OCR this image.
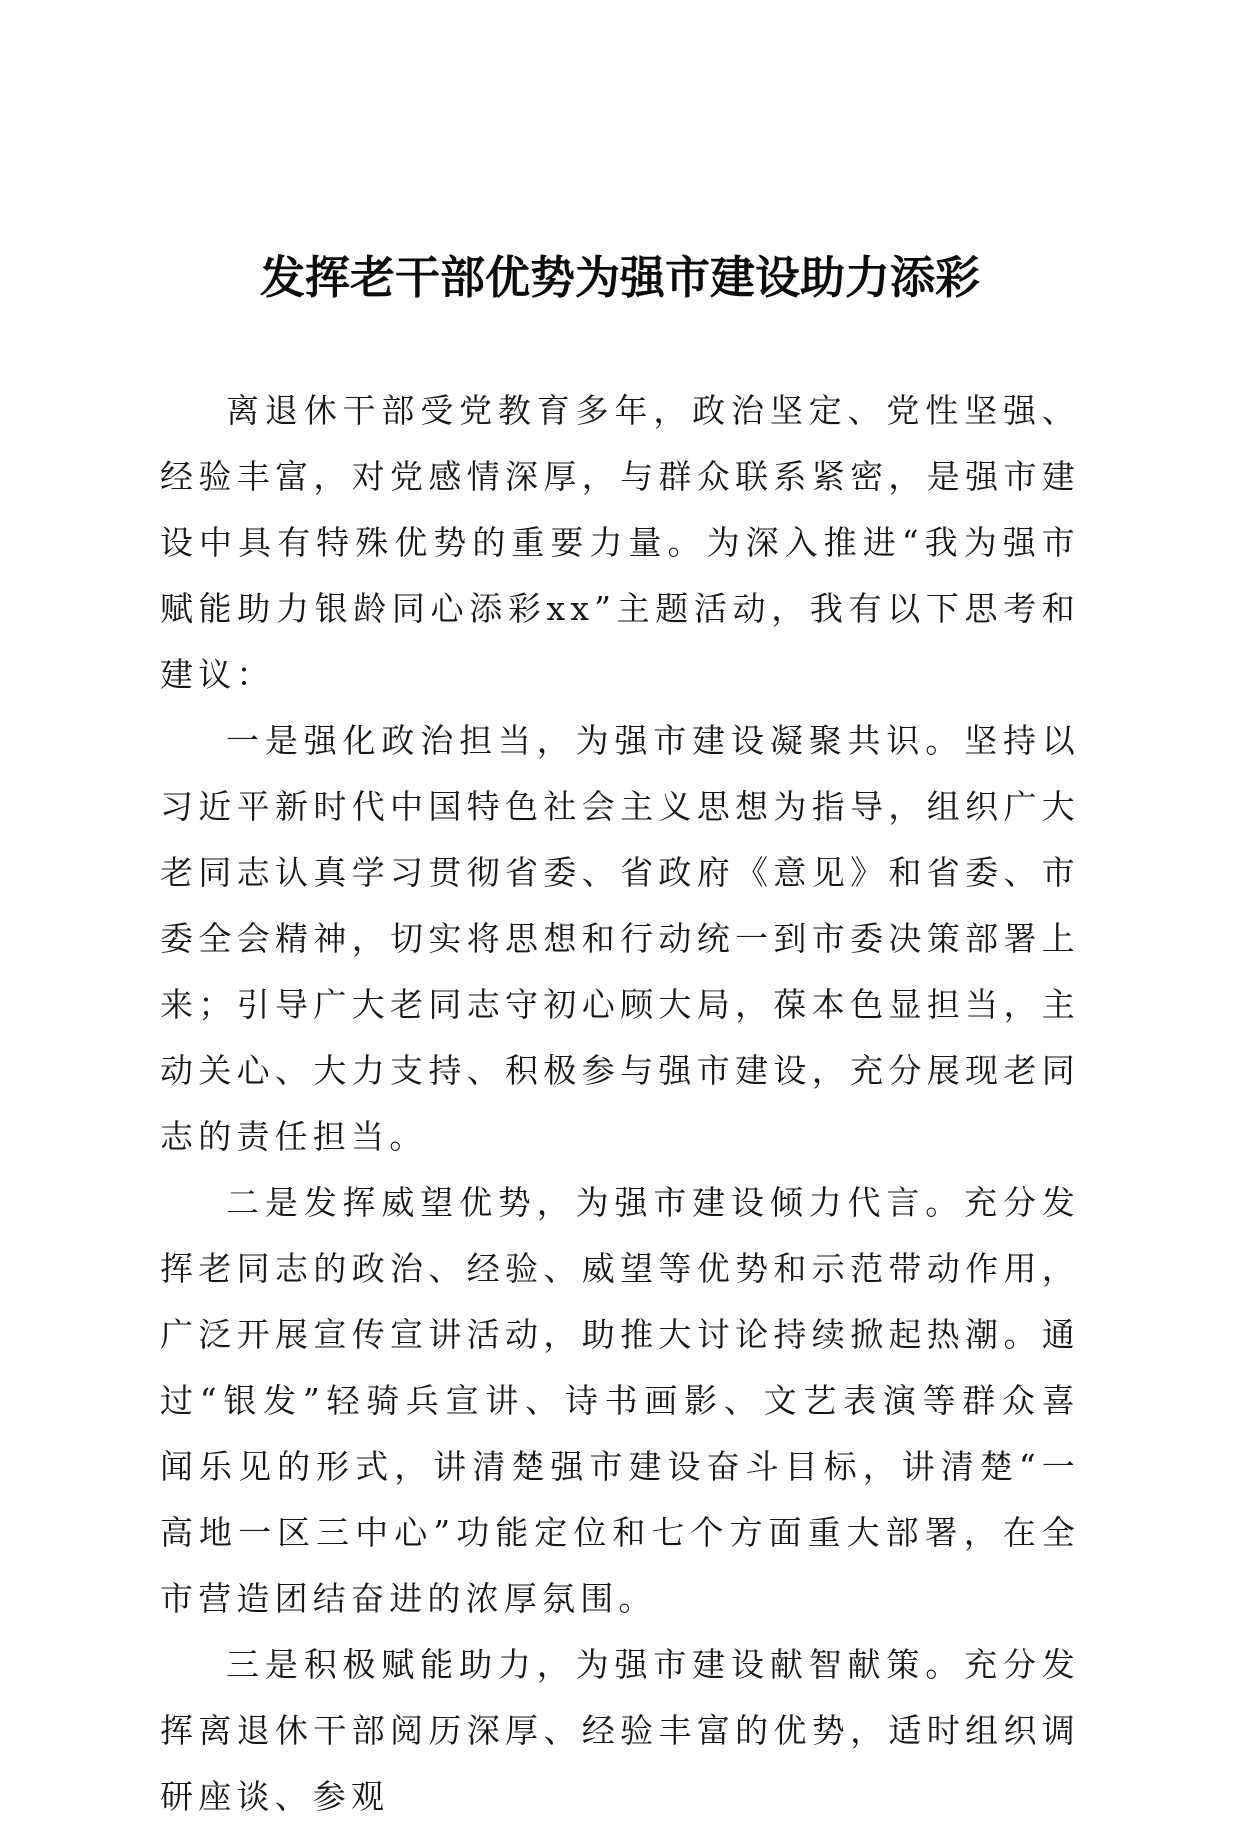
发挥老干部优势为强市建设助力添彩

离退休干部受党教育多年，政治坚定、党性坚强、经验丰富，对党感情深厚，与群众联系紧密，是强市建设中具有特殊优势的重要力量。为深入推进“我为强市赋能助力银龄同心添彩xx”主题活动，我有以下思考和建议：

一是强化政治担当，为强市建设凝聚共识。坚持以习近平新时代中国特色社会主义思想为指导，组织广大老同志认真学习贯彻省委、省政府《意见》和省委、市委全会精神，切实将思想和行动统一到市委决策部署上来；引导广大老同志守初心顾大局，葆本色显担当，主动关心、大力支持、积极参与强市建设，充分展现老同志的责任担当。

二是发挥威望优势，为强市建设倾力代言。充分发挥老同志的政治、经验、威望等优势和示范带动作用，广泛开展宣传宣讲活动，助推大讨论持续掀起热潮。通过“银发”轻骑兵宣讲、诗书画影、文艺表演等群众喜闻乐见的形式，讲清楚强市建设奋斗目标，讲清楚“一高地一区三中心”功能定位和七个方面重大部署，在全市营造团结奋进的浓厚氛围。

三是积极赋能助力，为强市建设献智献策。充分发挥离退休干部阅历深厚、经验丰富的优势，适时组织调研座谈、参观
